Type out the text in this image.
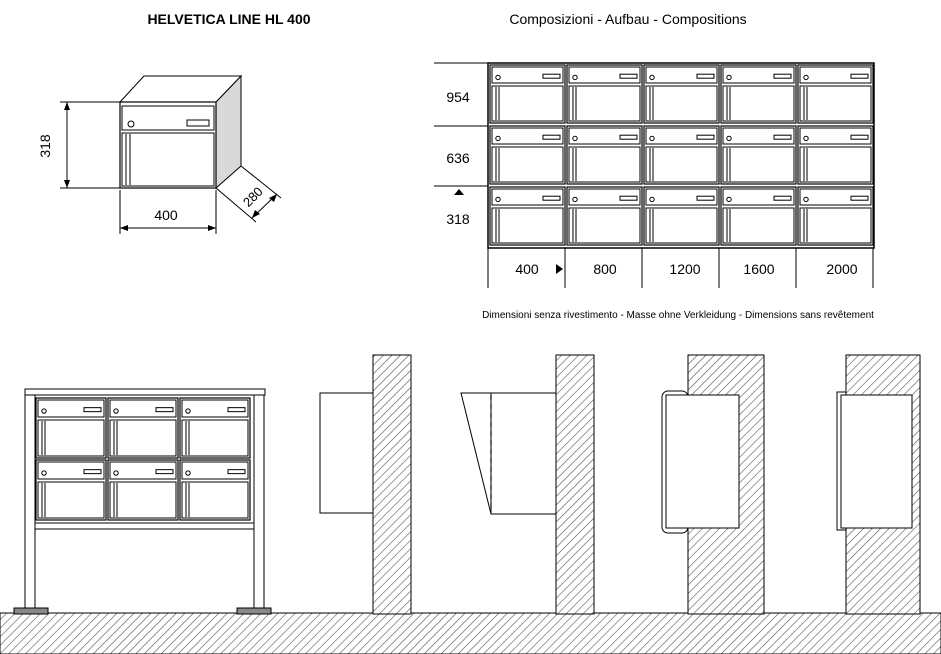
HELVETICA LINE HL 400	Composizioni - Aufbau - Compositions
318
400
280
954
636
318
400	800	1200	1600	2000
Dimensioni senza rivestimento - Masse ohne Verkleidung - Dimensions sans revêtement
